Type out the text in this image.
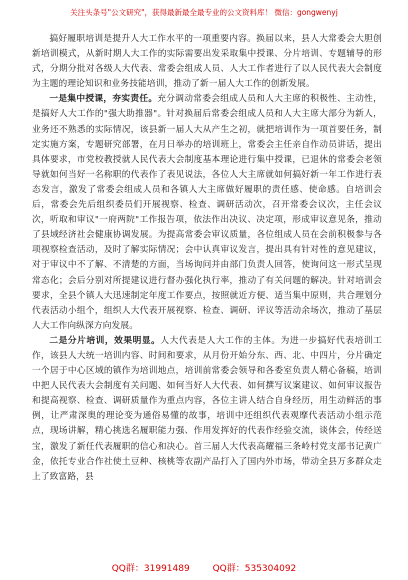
关注头条号"公文研究"，获得最新最全最专业的公文资料库！ 微信：gongwenyj

搞好履职培训是提升人大工作水平的一项重要内容。换届以来，县人大常委会大胆创新培训模式，从新时期人大工作的实际需要出发采取集中授课、分片培训、专题辅导的形式，分期分批对各级人大代表、常委会组成人员、人大工作者进行了以人民代表大会制度为主题的理论知识和业务技能培训，推动了新一届人大工作的创新发展。

一是集中授课，夯实责任。充分调动常委会组成人员和人大主席的积极性、主动性，是搞好人大工作的"强大助推器"。针对换届后常委会组成人员和人大主席大部分为新人，业务还不熟悉的实际情况，该县新一届人大从产生之初，就把培训作为一项首要任务，制定实施方案，专题研究部署，在月日举办的培训班上，常委会主任亲自作动员讲话，提出具体要求，市党校教授就人民代表大会制度基本理论进行集中授课，已退休的常委会老领导就如何当好一名称职的代表作了表见说法，各位人大主席就如何搞好新一年工作进行表态发言，激发了常委会组成人员和各镇人大主席做好履职的责任感、使命感。自培训会后，常委会先后组织委员们开展视察、检查、调研活动次，召开常委会议次，主任会议次，听取和审议"一府两院"工作报告项，依法作出决议、决定项，形成审议意见条，推动了县域经济社会健康协调发展。为提高常委会审议质量，各位组成人员在会前积极参与各项视察检查活动，及时了解实际情况；会中认真审议发言，提出具有针对性的意见建议，对于审议中不了解、不清楚的方面，当场询问并由部门负责人回答，使询问这一形式呈现常态化；会后分别对所提建议进行督办强化执行率，推动了有关问题的解决。针对培训会要求，全县个镇人大迅速制定年度工作要点，按照就近方便、适当集中原则，共合理划分代表活动小组个，组织人大代表开展视察、检查、调研、评议等活动余场次，推动了基层人大工作向纵深方向发展。

二是分片培训，效果明显。人大代表是人大工作的主体。为进一步搞好代表培训工作，该县人大统一培训内容、时间和要求，从月份开始分东、西、北、中四片，分片确定一个居于中心区域的镇作为培训地点，培训前常委会领导和各委室负责人精心备稿，培训中把人民代表大会制度有关问题、如何当好人大代表、如何撰写议案建议、如何审议报告和提高视察、检查、调研质量作为重点内容，各位主讲人结合自身经历，用生动鲜活的事例，让严肃深奥的理论变为通俗易懂的故事，培训中还组织代表观摩代表活动小组示范点，现场讲解，精心挑选名履职能力强、作用发挥好的代表作经验交流，谈体会，传经送宝，激发了新任代表履职的信心和决心。首三届人大代表高耀福三条岭村党支部书记黄广金，依托专业合作社使土豆种、核桃等农副产品打入了国内外市场，带动全县万多群众走上了致富路，县

QQ群：31991489	QQ群：535304092
